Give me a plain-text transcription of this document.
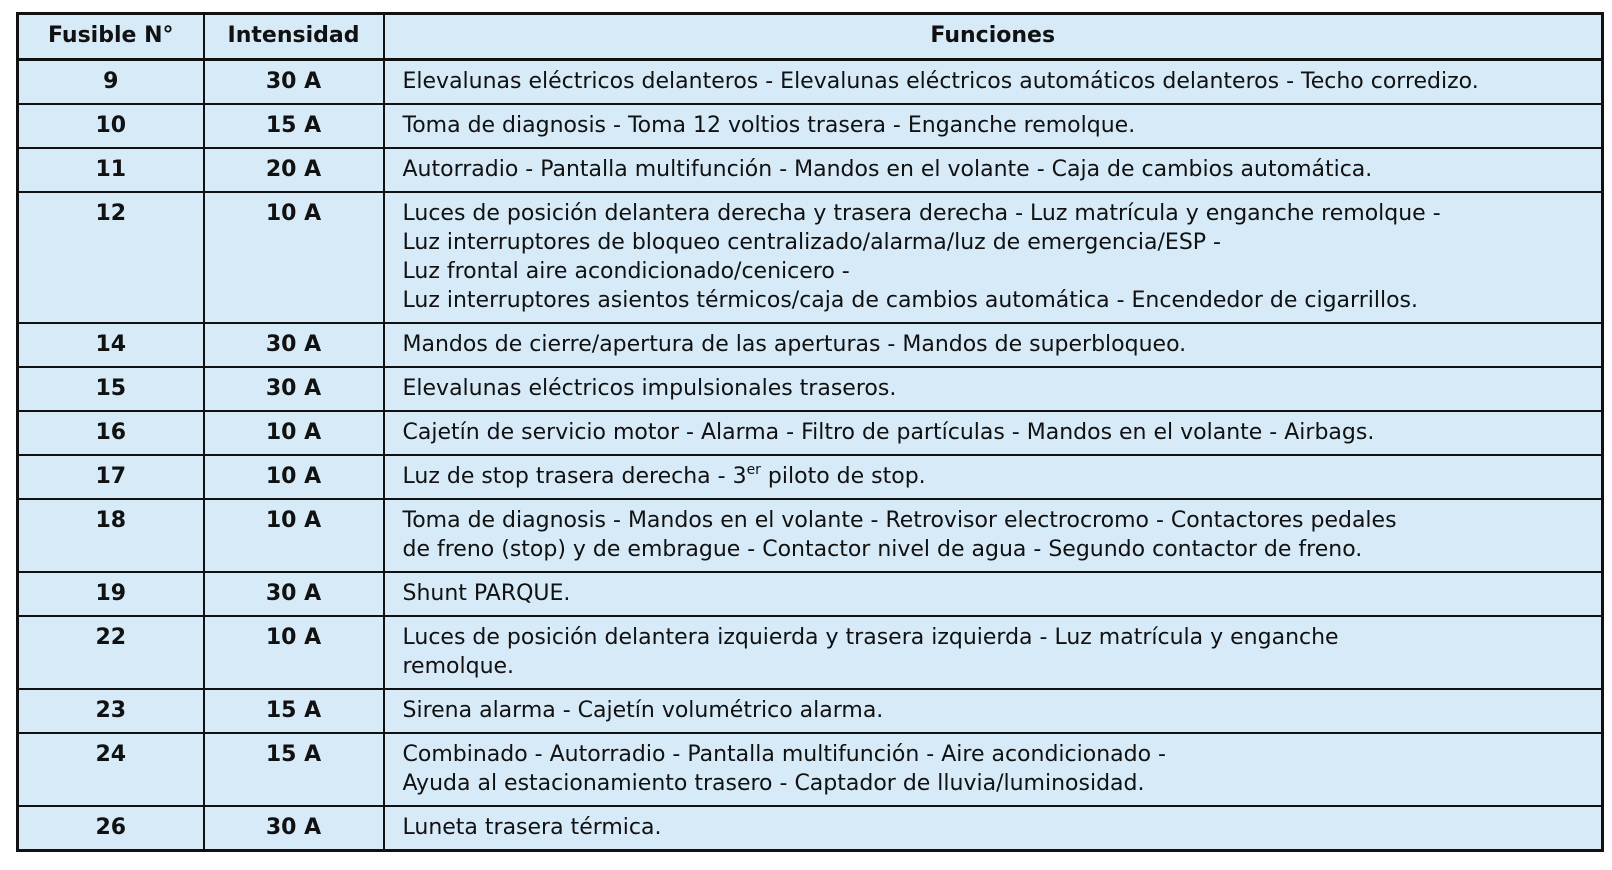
Fusible N°	Intensidad	Funciones
9	30 A	Elevalunas eléctricos delanteros - Elevalunas eléctricos automáticos delanteros - Techo corredizo.
10	15 A	Toma de diagnosis - Toma 12 voltios trasera - Enganche remolque.
11	20 A	Autorradio - Pantalla multifunción - Mandos en el volante - Caja de cambios automática.
12	10 A	Luces de posición delantera derecha y trasera derecha - Luz matrícula y enganche remolque -
Luz interruptores de bloqueo centralizado/alarma/luz de emergencia/ESP -
Luz frontal aire acondicionado/cenicero -
Luz interruptores asientos térmicos/caja de cambios automática - Encendedor de cigarrillos.
14	30 A	Mandos de cierre/apertura de las aperturas - Mandos de superbloqueo.
15	30 A	Elevalunas eléctricos impulsionales traseros.
16	10 A	Cajetín de servicio motor - Alarma - Filtro de partículas - Mandos en el volante - Airbags.
17	10 A	Luz de stop trasera derecha - 3er piloto de stop.
18	10 A	Toma de diagnosis - Mandos en el volante - Retrovisor electrocromo - Contactores pedales
de freno (stop) y de embrague - Contactor nivel de agua - Segundo contactor de freno.
19	30 A	Shunt PARQUE.
22	10 A	Luces de posición delantera izquierda y trasera izquierda - Luz matrícula y enganche
remolque.
23	15 A	Sirena alarma - Cajetín volumétrico alarma.
24	15 A	Combinado - Autorradio - Pantalla multifunción - Aire acondicionado -
Ayuda al estacionamiento trasero - Captador de lluvia/luminosidad.
26	30 A	Luneta trasera térmica.
